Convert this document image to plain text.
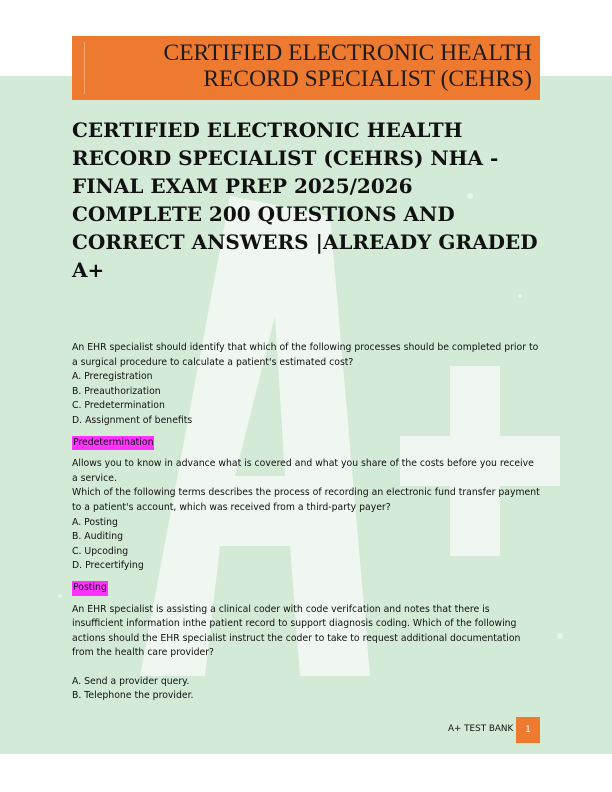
CERTIFIED ELECTRONIC HEALTH
RECORD SPECIALIST (CEHRS)

CERTIFIED ELECTRONIC HEALTH RECORD SPECIALIST (CEHRS) NHA - FINAL EXAM PREP 2025/2026 COMPLETE 200 QUESTIONS AND CORRECT ANSWERS |ALREADY GRADED A+

An EHR specialist should identify that which of the following processes should be completed prior to a surgical procedure to calculate a patient's estimated cost?

A. Preregistration

B. Preauthorization

C. Predetermination

D. Assignment of benefits

Predetermination

Allows you to know in advance what is covered and what you share of the costs before you receive a service.

Which of the following terms describes the process of recording an electronic fund transfer payment to a patient's account, which was received from a third-party payer?

A. Posting

B. Auditing

C. Upcoding

D. Precertifying

Posting

An EHR specialist is assisting a clinical coder with code verifcation and notes that there is insufficient information inthe patient record to support diagnosis coding. Which of the following actions should the EHR specialist instruct the coder to take to request additional documentation from the health care provider?

A. Send a provider query.

B. Telephone the provider.

A+ TEST BANK	1
